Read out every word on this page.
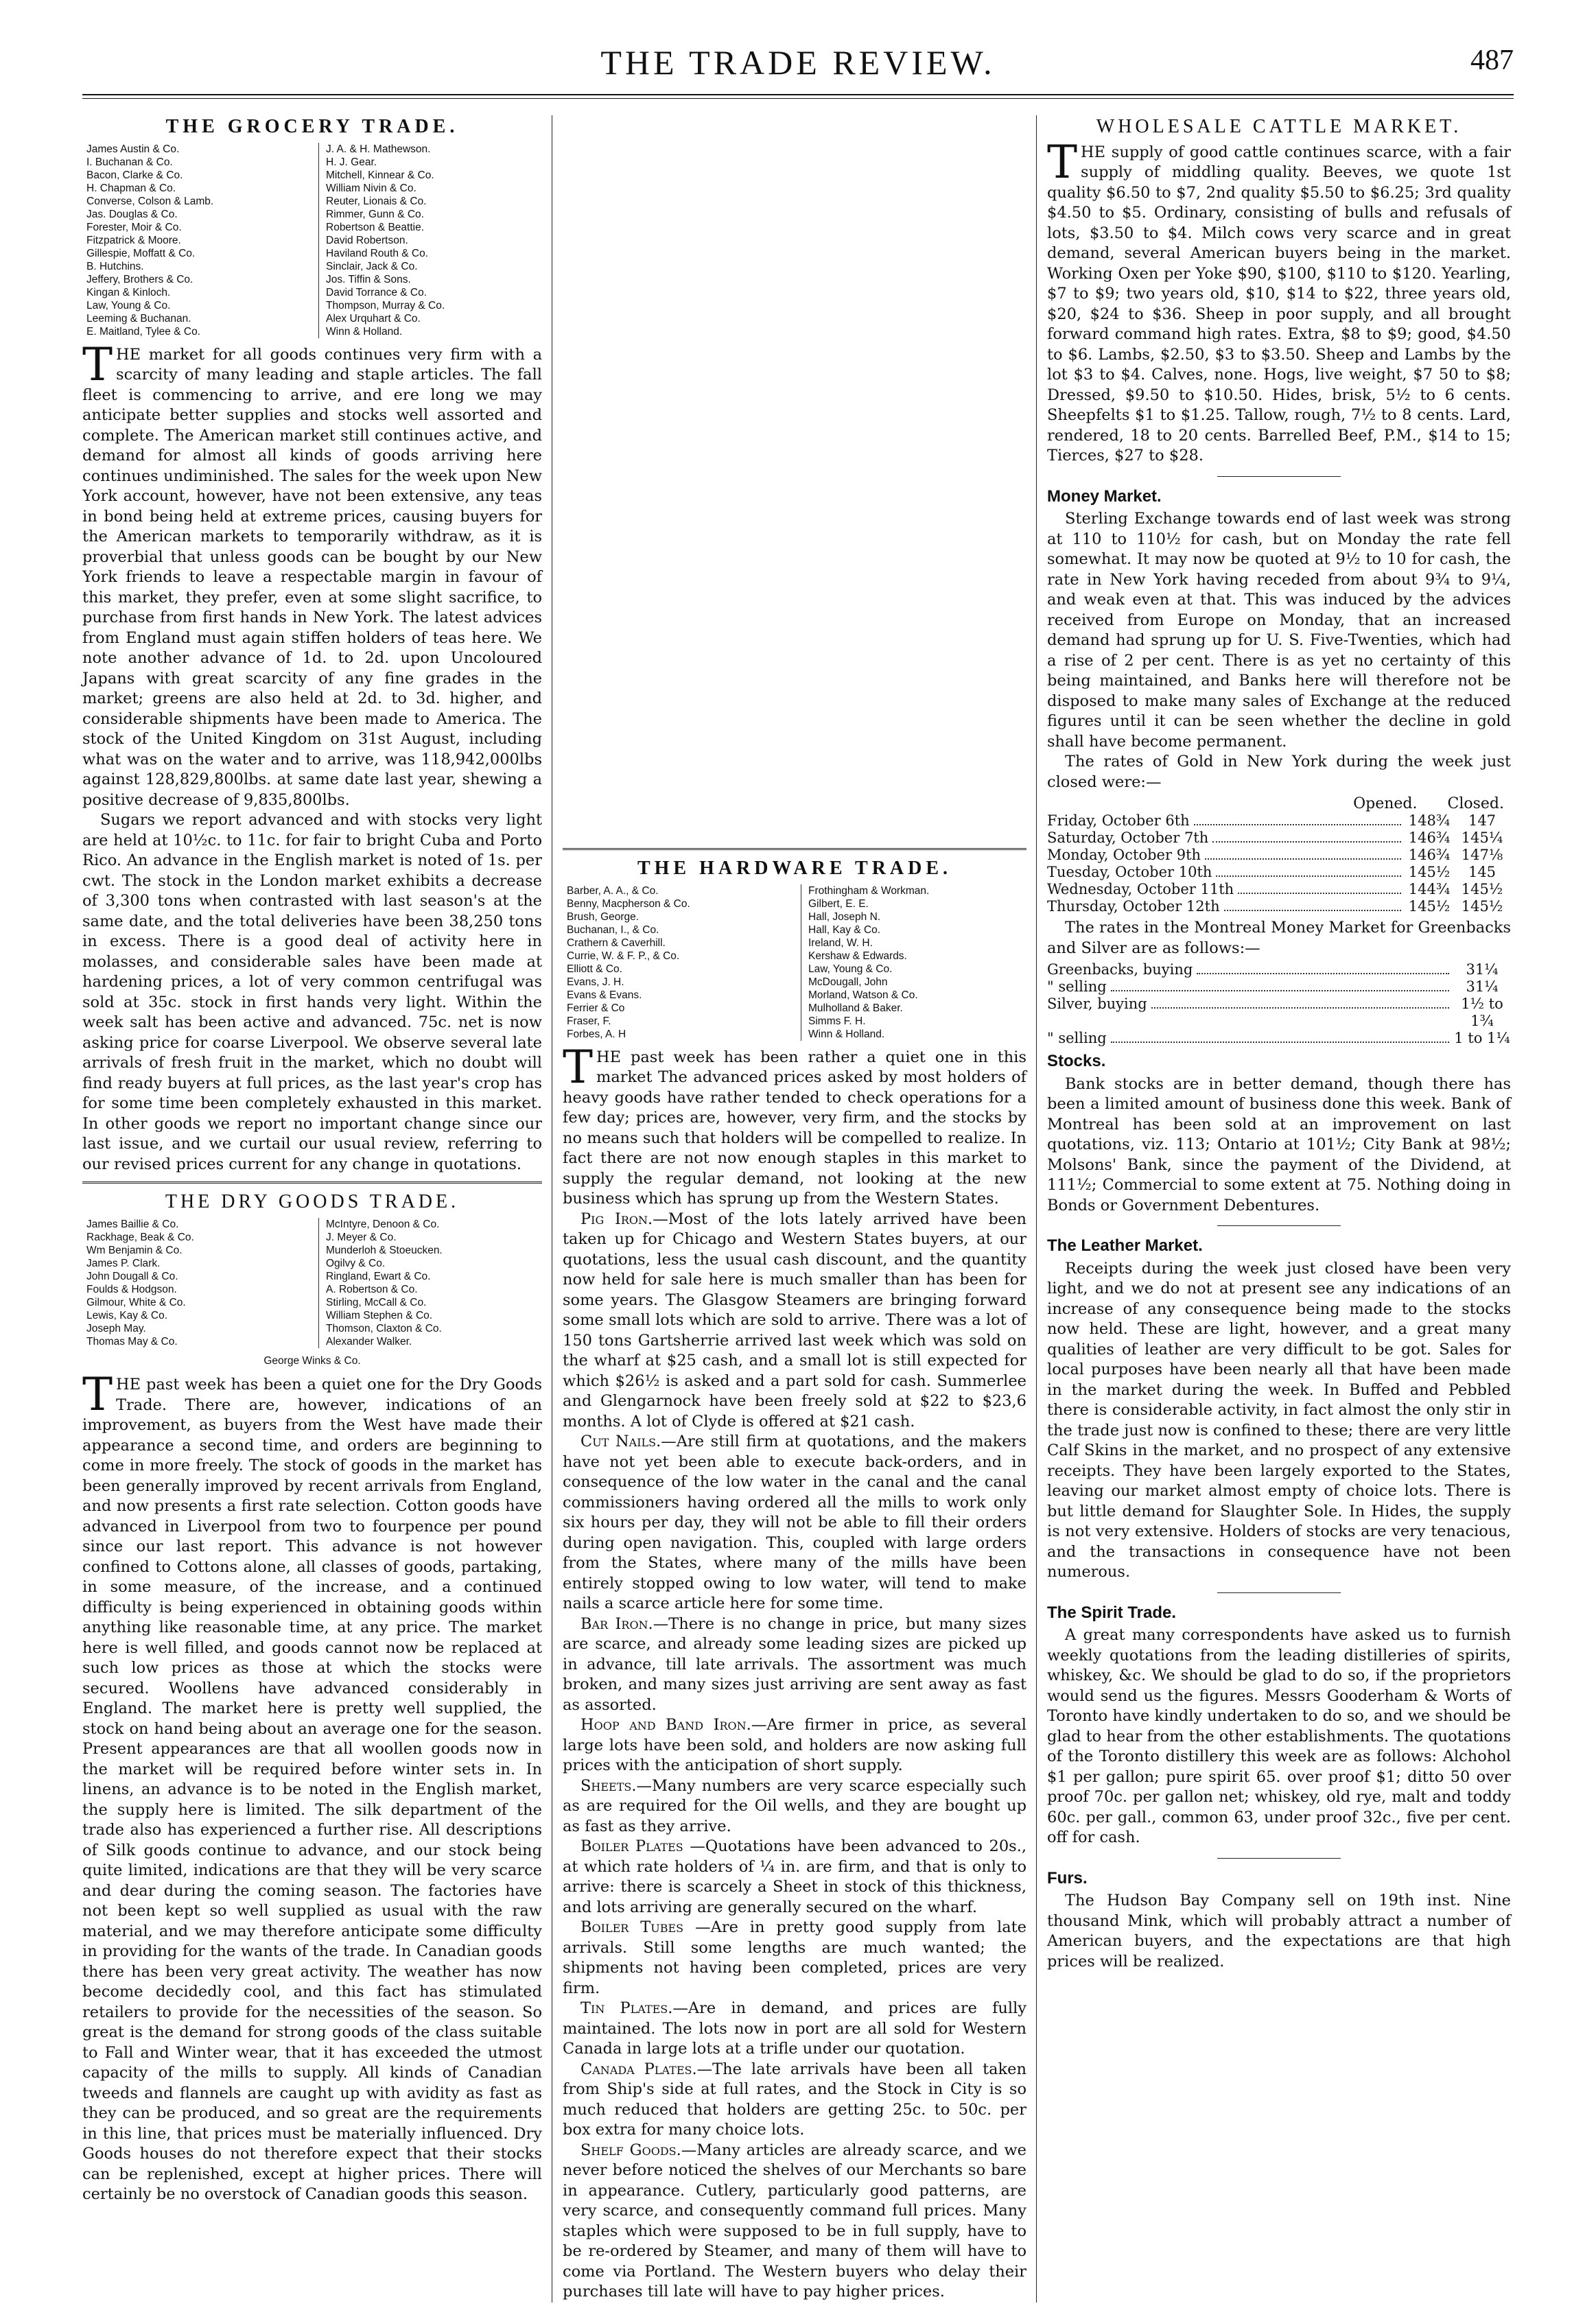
THE TRADE REVIEW.	487
THE GROCERY TRADE.
James Austin & Co.
I. Buchanan & Co.
Bacon, Clarke & Co.
H. Chapman & Co.
Converse, Colson & Lamb.
Jas. Douglas & Co.
Forester, Moir & Co.
Fitzpatrick & Moore.
Gillespie, Moffatt & Co.
B. Hutchins.
Jeffery, Brothers & Co.
Kingan & Kinloch.
Law, Young & Co.
Leeming & Buchanan.
E. Maitland, Tylee & Co.
J. A. & H. Mathewson.
H. J. Gear.
Mitchell, Kinnear & Co.
William Nivin & Co.
Reuter, Lionais & Co.
Rimmer, Gunn & Co.
Robertson & Beattie.
David Robertson.
Haviland Routh & Co.
Sinclair, Jack & Co.
Jos. Tiffin & Sons.
David Torrance & Co.
Thompson, Murray & Co.
Alex Urquhart & Co.
Winn & Holland.

THE market for all goods continues very firm with a scarcity of many leading and staple articles. The fall fleet is commencing to arrive, and ere long we may anticipate better supplies and stocks well assorted and complete. The American market still continues active, and demand for almost all kinds of goods arriving here continues undiminished. The sales for the week upon New York account, however, have not been extensive, any teas in bond being held at extreme prices, causing buyers for the American markets to temporarily withdraw, as it is proverbial that unless goods can be bought by our New York friends to leave a respectable margin in favour of this market, they prefer, even at some slight sacrifice, to purchase from first hands in New York. The latest advices from England must again stiffen holders of teas here. We note another advance of 1d. to 2d. upon Uncoloured Japans with great scarcity of any fine grades in the market; greens are also held at 2d. to 3d. higher, and considerable shipments have been made to America. The stock of the United Kingdom on 31st August, including what was on the water and to arrive, was 118,942,000lbs against 128,829,800lbs. at same date last year, shewing a positive decrease of 9,835,800lbs.

Sugars we report advanced and with stocks very light are held at 10½c. to 11c. for fair to bright Cuba and Porto Rico. An advance in the English market is noted of 1s. per cwt. The stock in the London market exhibits a decrease of 3,300 tons when contrasted with last season's at the same date, and the total deliveries have been 38,250 tons in excess. There is a good deal of activity here in molasses, and considerable sales have been made at hardening prices, a lot of very common centrifugal was sold at 35c. stock in first hands very light. Within the week salt has been active and advanced. 75c. net is now asking price for coarse Liverpool. We observe several late arrivals of fresh fruit in the market, which no doubt will find ready buyers at full prices, as the last year's crop has for some time been completely exhausted in this market. In other goods we report no important change since our last issue, and we curtail our usual review, referring to our revised prices current for any change in quotations.

THE DRY GOODS TRADE.
James Baillie & Co.
Rackhage, Beak & Co.
Wm Benjamin & Co.
James P. Clark.
John Dougall & Co.
Foulds & Hodgson.
Gilmour, White & Co.
Lewis, Kay & Co.
Joseph May.
Thomas May & Co.
McIntyre, Denoon & Co.
J. Meyer & Co.
Munderloh & Stoeucken.
Ogilvy & Co.
Ringland, Ewart & Co.
A. Robertson & Co.
Stirling, McCall & Co.
William Stephen & Co.
Thomson, Claxton & Co.
Alexander Walker.
George Winks & Co.

THE past week has been a quiet one for the Dry Goods Trade. There are, however, indications of an improvement, as buyers from the West have made their appearance a second time, and orders are beginning to come in more freely. The stock of goods in the market has been generally improved by recent arrivals from England, and now presents a first rate selection. Cotton goods have advanced in Liverpool from two to fourpence per pound since our last report. This advance is not however confined to Cottons alone, all classes of goods, partaking, in some measure, of the increase, and a continued difficulty is being experienced in obtaining goods within anything like reasonable time, at any price. The market here is well filled, and goods cannot now be replaced at such low prices as those at which the stocks were secured. Woollens have advanced considerably in England. The market here is pretty well supplied, the stock on hand being about an average one for the season. Present appearances are that all woollen goods now in the market will be required before winter sets in. In linens, an advance is to be noted in the English market, the supply here is limited. The silk department of the trade also has experienced a further rise. All descriptions of Silk goods continue to advance, and our stock being quite limited, indications are that they will be very scarce and dear during the coming season. The factories have not been kept so well supplied as usual with the raw material, and we may therefore anticipate some difficulty in providing for the wants of the trade. In Canadian goods there has been very great activity. The weather has now become decidedly cool, and this fact has stimulated retailers to provide for the necessities of the season. So great is the demand for strong goods of the class suitable to Fall and Winter wear, that it has exceeded the utmost capacity of the mills to supply. All kinds of Canadian tweeds and flannels are caught up with avidity as fast as they can be produced, and so great are the requirements in this line, that prices must be materially influenced. Dry Goods houses do not therefore expect that their stocks can be replenished, except at higher prices. There will certainly be no overstock of Canadian goods this season.

THE HARDWARE TRADE.
Barber, A. A., & Co.
Benny, Macpherson & Co.
Brush, George.
Buchanan, I., & Co.
Crathern & Caverhill.
Currie, W. & F. P., & Co.
Elliott & Co.
Evans, J. H.
Evans & Evans.
Ferrier & Co
Fraser, F.
Forbes, A. H
Frothingham & Workman.
Gilbert, E. E.
Hall, Joseph N.
Hall, Kay & Co.
Ireland, W. H.
Kershaw & Edwards.
Law, Young & Co.
McDougall, John
Morland, Watson & Co.
Mulholland & Baker.
Simms F. H.
Winn & Holland.

THE past week has been rather a quiet one in this market The advanced prices asked by most holders of heavy goods have rather tended to check operations for a few day; prices are, however, very firm, and the stocks by no means such that holders will be compelled to realize. In fact there are not now enough staples in this market to supply the regular demand, not looking at the new business which has sprung up from the Western States.

Pig Iron.—Most of the lots lately arrived have been taken up for Chicago and Western States buyers, at our quotations, less the usual cash discount, and the quantity now held for sale here is much smaller than has been for some years. The Glasgow Steamers are bringing forward some small lots which are sold to arrive. There was a lot of 150 tons Gartsherrie arrived last week which was sold on the wharf at $25 cash, and a small lot is still expected for which $26½ is asked and a part sold for cash. Summerlee and Glengarnock have been freely sold at $22 to $23,6 months. A lot of Clyde is offered at $21 cash.

Cut Nails.—Are still firm at quotations, and the makers have not yet been able to execute back-orders, and in consequence of the low water in the canal and the canal commissioners having ordered all the mills to work only six hours per day, they will not be able to fill their orders during open navigation. This, coupled with large orders from the States, where many of the mills have been entirely stopped owing to low water, will tend to make nails a scarce article here for some time.

Bar Iron.—There is no change in price, but many sizes are scarce, and already some leading sizes are picked up in advance, till late arrivals. The assortment was much broken, and many sizes just arriving are sent away as fast as assorted.

Hoop and Band Iron.—Are firmer in price, as several large lots have been sold, and holders are now asking full prices with the anticipation of short supply.

Sheets.—Many numbers are very scarce especially such as are required for the Oil wells, and they are bought up as fast as they arrive.

Boiler Plates —Quotations have been advanced to 20s., at which rate holders of ¼ in. are firm, and that is only to arrive: there is scarcely a Sheet in stock of this thickness, and lots arriving are generally secured on the wharf.

Boiler Tubes —Are in pretty good supply from late arrivals. Still some lengths are much wanted; the shipments not having been completed, prices are very firm.

Tin Plates.—Are in demand, and prices are fully maintained. The lots now in port are all sold for Western Canada in large lots at a trifle under our quotation.

Canada Plates.—The late arrivals have been all taken from Ship's side at full rates, and the Stock in City is so much reduced that holders are getting 25c. to 50c. per box extra for many choice lots.

Shelf Goods.—Many articles are already scarce, and we never before noticed the shelves of our Merchants so bare in appearance. Cutlery, particularly good patterns, are very scarce, and consequently command full prices. Many staples which were supposed to be in full supply, have to be re-ordered by Steamer, and many of them will have to come via Portland. The Western buyers who delay their purchases till late will have to pay higher prices.

WHOLESALE CATTLE MARKET.

THE supply of good cattle continues scarce, with a fair supply of middling quality. Beeves, we quote 1st quality $6.50 to $7, 2nd quality $5.50 to $6.25; 3rd quality $4.50 to $5. Ordinary, consisting of bulls and refusals of lots, $3.50 to $4. Milch cows very scarce and in great demand, several American buyers being in the market. Working Oxen per Yoke $90, $100, $110 to $120. Yearling, $7 to $9; two years old, $10, $14 to $22, three years old, $20, $24 to $36. Sheep in poor supply, and all brought forward command high rates. Extra, $8 to $9; good, $4.50 to $6. Lambs, $2.50, $3 to $3.50. Sheep and Lambs by the lot $3 to $4. Calves, none. Hogs, live weight, $7 50 to $8; Dressed, $9.50 to $10.50. Hides, brisk, 5½ to 6 cents. Sheepfelts $1 to $1.25. Tallow, rough, 7½ to 8 cents. Lard, rendered, 18 to 20 cents. Barrelled Beef, P.M., $14 to 15; Tierces, $27 to $28.

Money Market.

Sterling Exchange towards end of last week was strong at 110 to 110½ for cash, but on Monday the rate fell somewhat. It may now be quoted at 9½ to 10 for cash, the rate in New York having receded from about 9¾ to 9¼, and weak even at that. This was induced by the advices received from Europe on Monday, that an increased demand had sprung up for U. S. Five-Twenties, which had a rise of 2 per cent. There is as yet no certainty of this being maintained, and Banks here will therefore not be disposed to make many sales of Exchange at the reduced figures until it can be seen whether the decline in gold shall have become permanent.

The rates of Gold in New York during the week just closed were:—

Opened. Closed.
Friday, October 6th	148¾	147
Saturday, October 7th	146¾ 145¼
Monday, October 9th	146¾ 147⅛
Tuesday, October 10th	145½	145
Wednesday, October 11th	144¾ 145½
Thursday, October 12th	145½ 145½

The rates in the Montreal Money Market for Greenbacks and Silver are as follows:—

Greenbacks, buying	31¼
" selling	31¼
Silver, buying	1½ to 1¾
" selling	1 to 1¼
Stocks.

Bank stocks are in better demand, though there has been a limited amount of business done this week. Bank of Montreal has been sold at an improvement on last quotations, viz. 113; Ontario at 101½; City Bank at 98½; Molsons' Bank, since the payment of the Dividend, at 111½; Commercial to some extent at 75. Nothing doing in Bonds or Government Debentures.

The Leather Market.

Receipts during the week just closed have been very light, and we do not at present see any indications of an increase of any consequence being made to the stocks now held. These are light, however, and a great many qualities of leather are very difficult to be got. Sales for local purposes have been nearly all that have been made in the market during the week. In Buffed and Pebbled there is considerable activity, in fact almost the only stir in the trade just now is confined to these; there are very little Calf Skins in the market, and no prospect of any extensive receipts. They have been largely exported to the States, leaving our market almost empty of choice lots. There is but little demand for Slaughter Sole. In Hides, the supply is not very extensive. Holders of stocks are very tenacious, and the transactions in consequence have not been numerous.

The Spirit Trade.

A great many correspondents have asked us to furnish weekly quotations from the leading distilleries of spirits, whiskey, &c. We should be glad to do so, if the proprietors would send us the figures. Messrs Gooderham & Worts of Toronto have kindly undertaken to do so, and we should be glad to hear from the other establishments. The quotations of the Toronto distillery this week are as follows: Alchohol $1 per gallon; pure spirit 65. over proof $1; ditto 50 over proof 70c. per gallon net; whiskey, old rye, malt and toddy 60c. per gall., common 63, under proof 32c., five per cent. off for cash.

Furs.

The Hudson Bay Company sell on 19th inst. Nine thousand Mink, which will probably attract a number of American buyers, and the expectations are that high prices will be realized.
